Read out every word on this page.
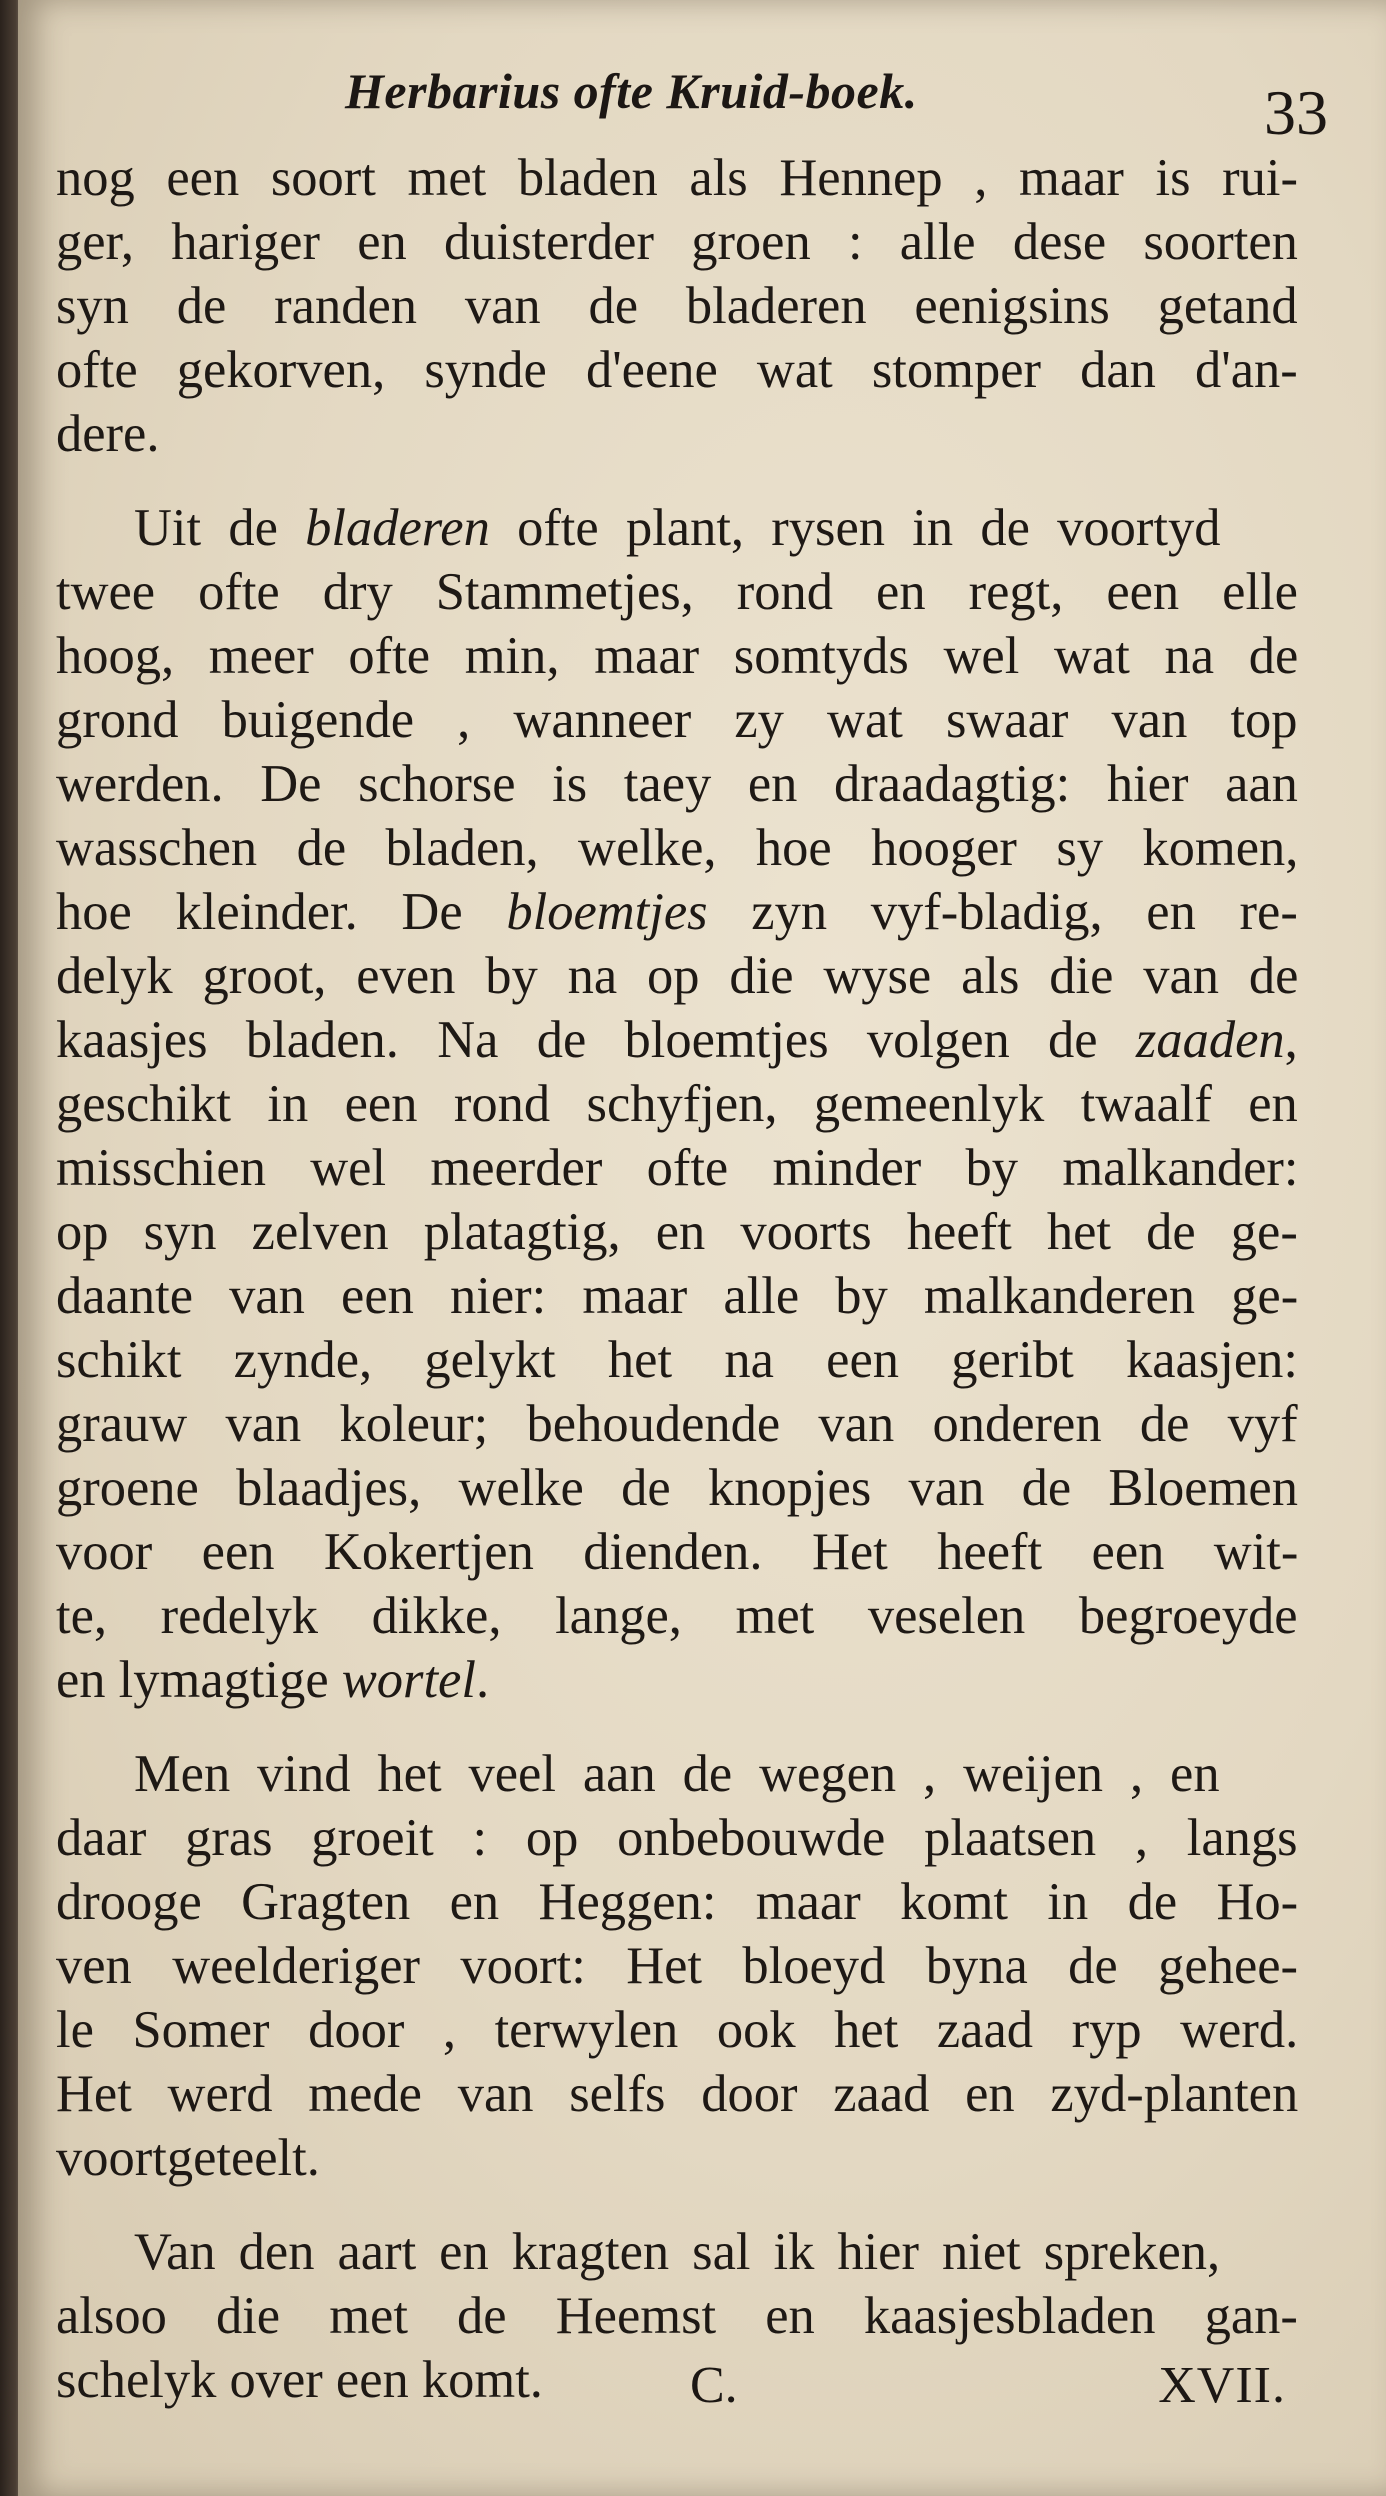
Herbarius ofte Kruid-boek.	33

nog een soort met bladen als Hennep , maar is rui-
ger, hariger en duisterder groen : alle dese soorten
syn de randen van de bladeren eenigsins getand
ofte gekorven, synde d'eene wat stomper dan d'an-
dere.

Uit de bladeren ofte plant, rysen in de voortyd
twee ofte dry Stammetjes, rond en regt, een elle
hoog, meer ofte min, maar somtyds wel wat na de
grond buigende , wanneer zy wat swaar van top
werden. De schorse is taey en draadagtig: hier aan
wasschen de bladen, welke, hoe hooger sy komen,
hoe kleinder. De bloemtjes zyn vyf-bladig, en re-
delyk groot, even by na op die wyse als die van de
kaasjes bladen. Na de bloemtjes volgen de zaaden,
geschikt in een rond schyfjen, gemeenlyk twaalf en
misschien wel meerder ofte minder by malkander:
op syn zelven platagtig, en voorts heeft het de ge-
daante van een nier: maar alle by malkanderen ge-
schikt zynde, gelykt het na een geribt kaasjen:
grauw van koleur; behoudende van onderen de vyf
groene blaadjes, welke de knopjes van de Bloemen
voor een Kokertjen dienden. Het heeft een wit-
te, redelyk dikke, lange, met veselen begroeyde
en lymagtige wortel.

Men vind het veel aan de wegen , weijen , en
daar gras groeit : op onbebouwde plaatsen , langs
drooge Gragten en Heggen: maar komt in de Ho-
ven weelderiger voort: Het bloeyd byna de gehee-
le Somer door , terwylen ook het zaad ryp werd.
Het werd mede van selfs door zaad en zyd-planten
voortgeteelt.

Van den aart en kragten sal ik hier niet spreken,
alsoo die met de Heemst en kaasjesbladen gan-
schelyk over een komt.	C.	XVII.
